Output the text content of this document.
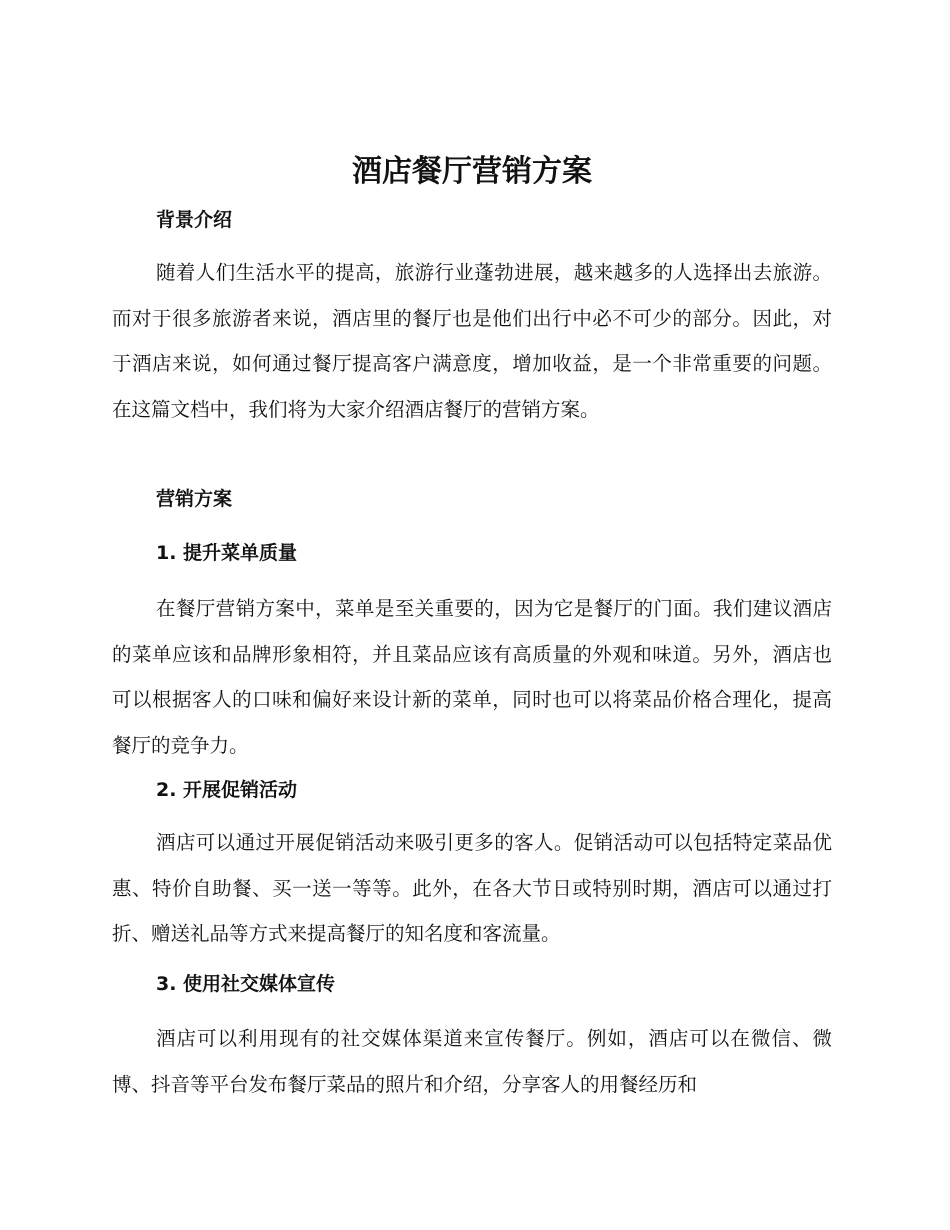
酒店餐厅营销方案
背景介绍

随着人们生活水平的提高，旅游行业蓬勃进展，越来越多的人选择出去旅游。而对于很多旅游者来说，酒店里的餐厅也是他们出行中必不可少的部分。因此，对于酒店来说，如何通过餐厅提高客户满意度，增加收益，是一个非常重要的问题。在这篇文档中，我们将为大家介绍酒店餐厅的营销方案。

营销方案
1. 提升菜单质量

在餐厅营销方案中，菜单是至关重要的，因为它是餐厅的门面。我们建议酒店的菜单应该和品牌形象相符，并且菜品应该有高质量的外观和味道。另外，酒店也可以根据客人的口味和偏好来设计新的菜单，同时也可以将菜品价格合理化，提高餐厅的竞争力。

2. 开展促销活动

酒店可以通过开展促销活动来吸引更多的客人。促销活动可以包括特定菜品优惠、特价自助餐、买一送一等等。此外，在各大节日或特别时期，酒店可以通过打折、赠送礼品等方式来提高餐厅的知名度和客流量。

3. 使用社交媒体宣传

酒店可以利用现有的社交媒体渠道来宣传餐厅。例如，酒店可以在微信、微博、抖音等平台发布餐厅菜品的照片和介绍，分享客人的用餐经历和
